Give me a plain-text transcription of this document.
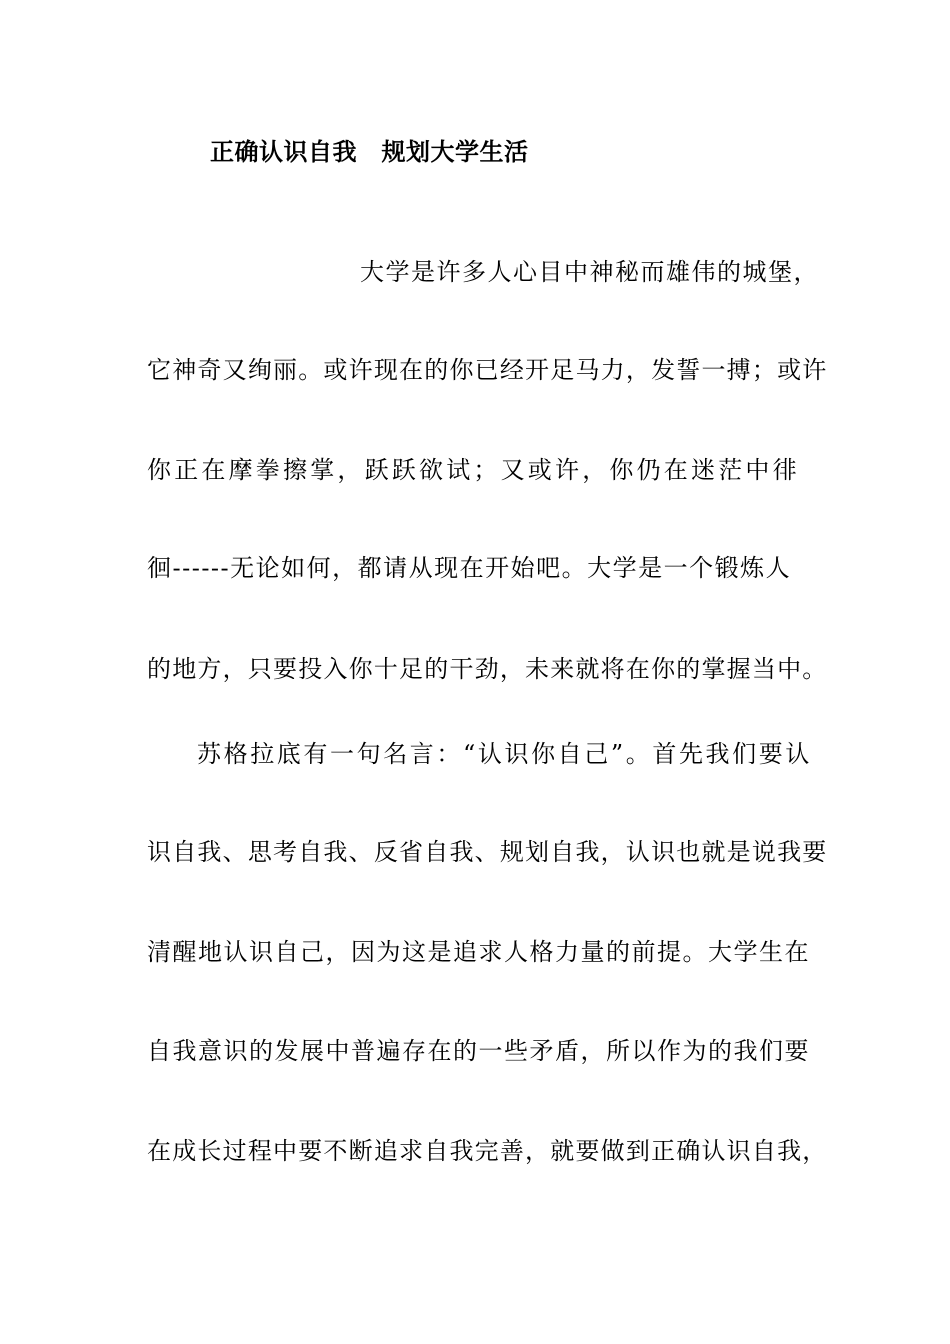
正确认识自我　规划大学生活
大学是许多人心目中神秘而雄伟的城堡，
它神奇又绚丽。或许现在的你已经开足马力，发誓一搏；或许
你正在摩拳擦掌，跃跃欲试；又或许，你仍在迷茫中徘
徊------无论如何，都请从现在开始吧。大学是一个锻炼人
的地方，只要投入你十足的干劲，未来就将在你的掌握当中。
苏格拉底有一句名言：“认识你自己”。首先我们要认
识自我、思考自我、反省自我、规划自我，认识也就是说我要
清醒地认识自己，因为这是追求人格力量的前提。大学生在
自我意识的发展中普遍存在的一些矛盾，所以作为的我们要
在成长过程中要不断追求自我完善，就要做到正确认识自我，
